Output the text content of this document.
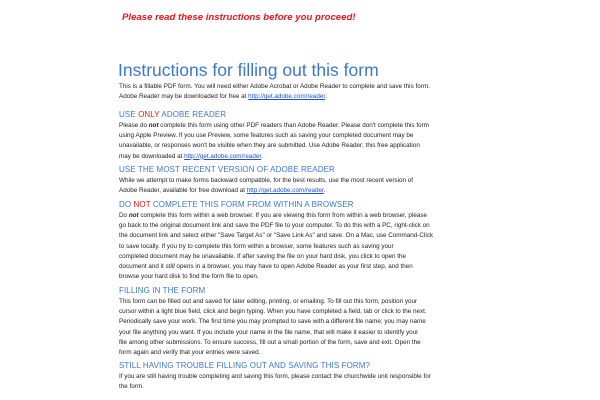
Please read these instructions before you proceed!
Instructions for filling out this form

This is a fillable PDF form. You will need either Adobe Acrobat or Adobe Reader to complete and save this form.
Adobe Reader may be downloaded for free at http://get.adobe.com/reader.

USE ONLY ADOBE READER

Please do not complete this form using other PDF readers than Adobe Reader. Please don't complete this form
using Apple Preview. If you use Preview, some features such as saving your completed document may be
unavailable, or responses won't be visible when they are submitted. Use Adobe Reader; this free application
may be downloaded at http://get.adobe.com/reader.

USE THE MOST RECENT VERSION OF ADOBE READER

While we attempt to make forms backward compatible, for the best results, use the most recent version of
Adobe Reader, available for free download at http://get.adobe.com/reader.

DO NOT COMPLETE THIS FORM FROM WITHIN A BROWSER

Do not complete this form within a web browser. If you are viewing this form from within a web browser, please
go back to the original document link and save the PDF file to your computer. To do this with a PC, right-click on
the document link and select either "Save Target As" or "Save Link As" and save. On a Mac, use Command-Click
to save locally. If you try to complete this form within a browser, some features such as saving your
completed document may be unavailable. If after saving the file on your hard disk, you click to open the
document and it still opens in a browser, you may have to open Adobe Reader as your first step, and then
browse your hard disk to find the form file to open.

FILLING IN THE FORM

This form can be filled out and saved for later editing, printing, or emailing. To fill out this form, position your
cursor within a light blue field, click and begin typing. When you have completed a field, tab or click to the next.
Periodically save your work. The first time you may prompted to save with a different file name; you may name
your file anything you want. If you include your name in the file name, that will make it easier to identify your
file among other submissions. To ensure success, fill out a small portion of the form, save and exit. Open the
form again and verify that your entries were saved.

STILL HAVING TROUBLE FILLING OUT AND SAVING THIS FORM?

If you are still having trouble completing and saving this form, please contact the churchwide unit responsible for
the form.
